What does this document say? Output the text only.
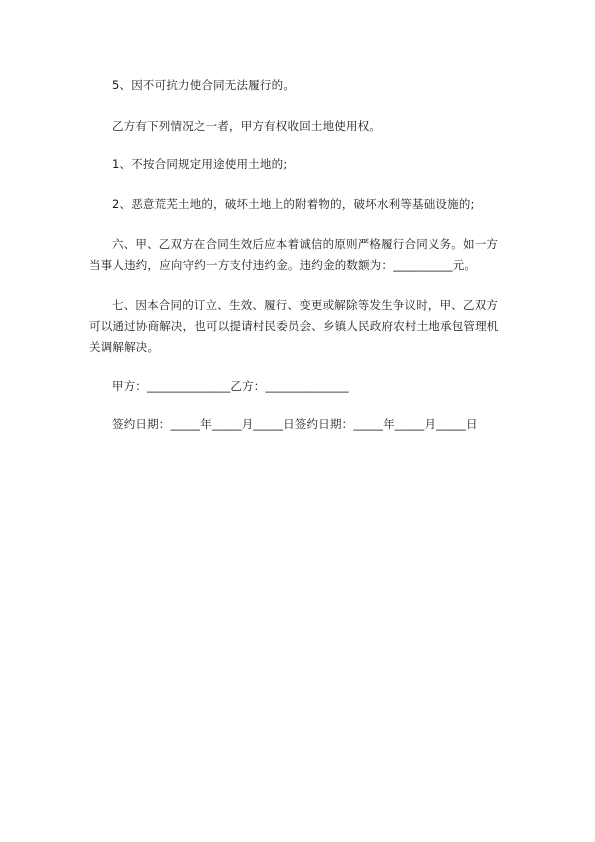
5、因不可抗力使合同无法履行的。

乙方有下列情况之一者，甲方有权收回土地使用权。

1、不按合同规定用途使用土地的;

2、恶意荒芜土地的，破坏土地上的附着物的，破坏水利等基础设施的;

六、甲、乙双方在合同生效后应本着诚信的原则严格履行合同义务。如一方当事人违约，应向守约一方支付违约金。违约金的数额为：__________元。

七、因本合同的订立、生效、履行、变更或解除等发生争议时，甲、乙双方可以通过协商解决，也可以提请村民委员会、乡镇人民政府农村土地承包管理机关调解解决。

甲方：______________乙方：______________

签约日期：_____年_____月_____日签约日期：_____年_____月_____日
